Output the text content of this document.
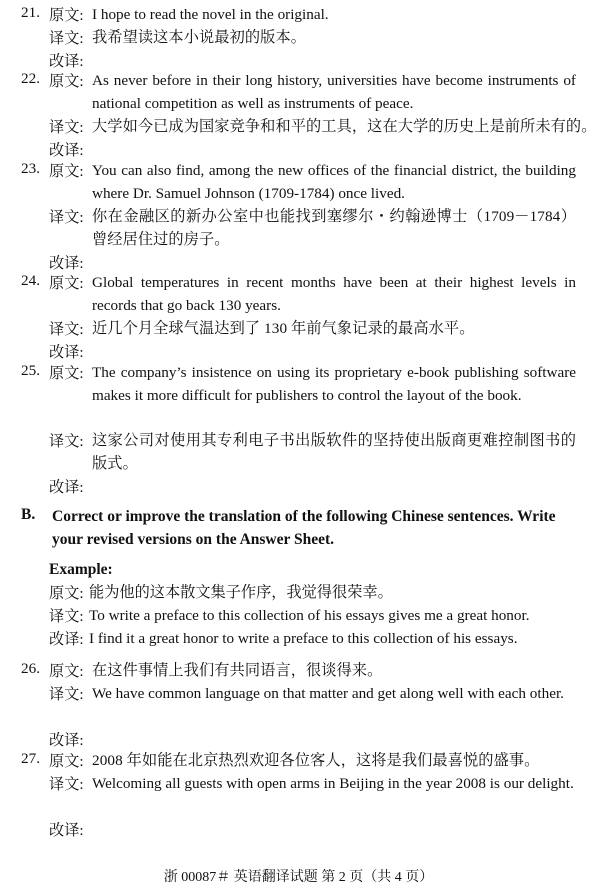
21. 原文: I hope to read the novel in the original.
译文: 我希望读这本小说最初的版本。
改译:
22. 原文: As never before in their long history, universities have become instruments of national competition as well as instruments of peace.
译文: 大学如今已成为国家竞争和和平的工具，这在大学的历史上是前所未有的。
改译:
23. 原文: You can also find, among the new offices of the financial district, the building where Dr. Samuel Johnson (1709-1784) once lived.
译文: 你在金融区的新办公室中也能找到塞缪尔・约翰逊博士（1709－1784）曾经居住过的房子。
改译:
24. 原文: Global temperatures in recent months have been at their highest levels in records that go back 130 years.
译文: 近几个月全球气温达到了 130 年前气象记录的最高水平。
改译:
25. 原文: The company’s insistence on using its proprietary e-book publishing software makes it more difficult for publishers to control the layout of the book.
译文: 这家公司对使用其专利电子书出版软件的坚持使出版商更难控制图书的版式。
改译:
B. Correct or improve the translation of the following Chinese sentences. Write your revised versions on the Answer Sheet.
Example:
原文: 能为他的这本散文集子作序，我觉得很荣幸。
译文: To write a preface to this collection of his essays gives me a great honor.
改译: I find it a great honor to write a preface to this collection of his essays.
26. 原文: 在这件事情上我们有共同语言，很谈得来。
译文: We have common language on that matter and get along well with each other.
改译:
27. 原文: 2008 年如能在北京热烈欢迎各位客人，这将是我们最喜悦的盛事。
译文: Welcoming all guests with open arms in Beijing in the year 2008 is our delight.
改译:
浙 00087＃ 英语翻译试题 第 2 页（共 4 页）
